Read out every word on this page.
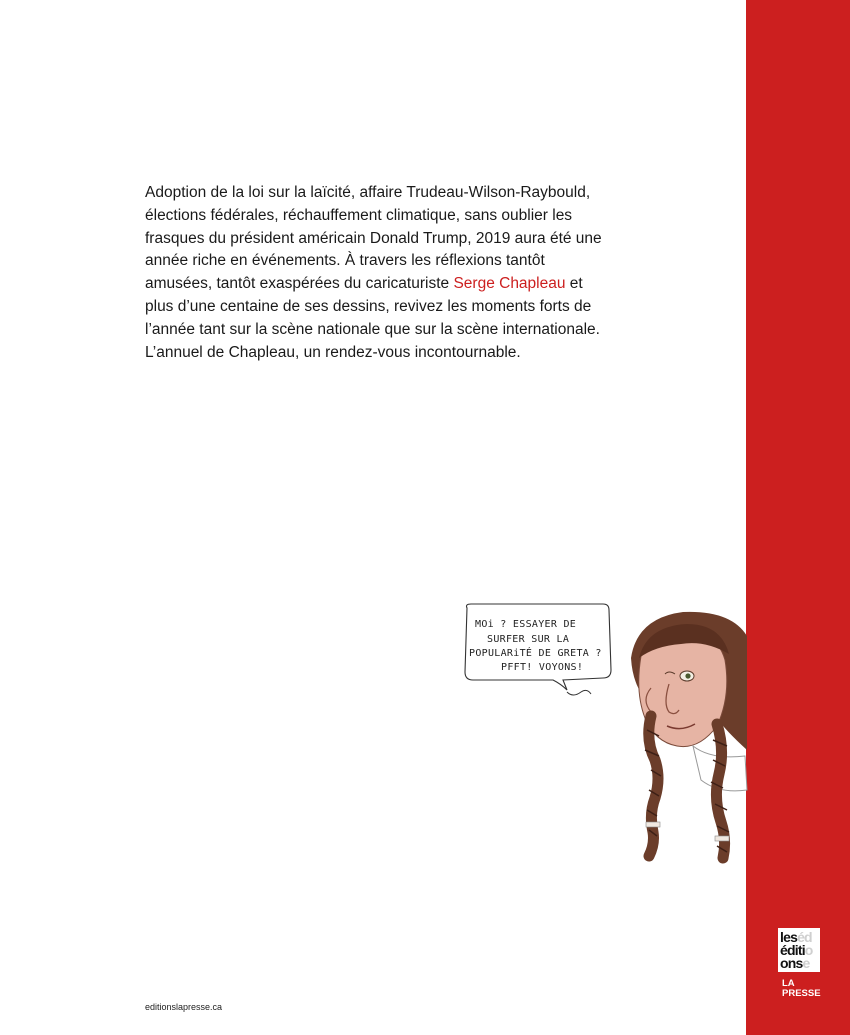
Adoption de la loi sur la laïcité, affaire Trudeau-Wilson-Raybould, élections fédérales, réchauffement climatique, sans oublier les frasques du président américain Donald Trump, 2019 aura été une année riche en événements. À travers les réflexions tantôt amusées, tantôt exaspérées du caricaturiste Serge Chapleau et plus d’une centaine de ses dessins, revivez les moments forts de l’année tant sur la scène nationale que sur la scène internationale. L’annuel de Chapleau, un rendez-vous incontournable.

MOi ? ESSAYER DE
SURFER SUR LA
POPULARiTÉ DE GRETA ?
PFFT! VOYONS!
editionslapresse.ca
leséd
éditio
onse
LA
PRESSE
